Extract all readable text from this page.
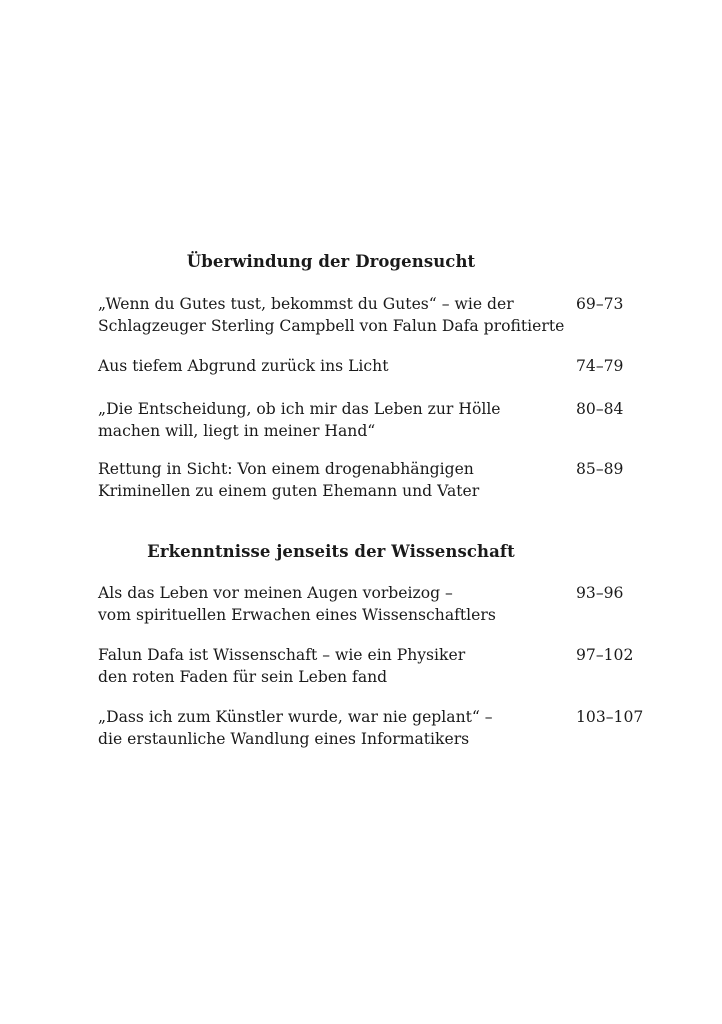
Überwindung der Drogensucht
„Wenn du Gutes tust, bekommst du Gutes“ – wie der
Schlagzeuger Sterling Campbell von Falun Dafa profitierte
69–73
Aus tiefem Abgrund zurück ins Licht	74–79
„Die Entscheidung, ob ich mir das Leben zur Hölle
machen will, liegt in meiner Hand“
80–84
Rettung in Sicht: Von einem drogenabhängigen
Kriminellen zu einem guten Ehemann und Vater
85–89
Erkenntnisse jenseits der Wissenschaft
Als das Leben vor meinen Augen vorbeizog –
vom spirituellen Erwachen eines Wissenschaftlers
93–96
Falun Dafa ist Wissenschaft – wie ein Physiker
den roten Faden für sein Leben fand
97–102
„Dass ich zum Künstler wurde, war nie geplant“ –
die erstaunliche Wandlung eines Informatikers
103–107
